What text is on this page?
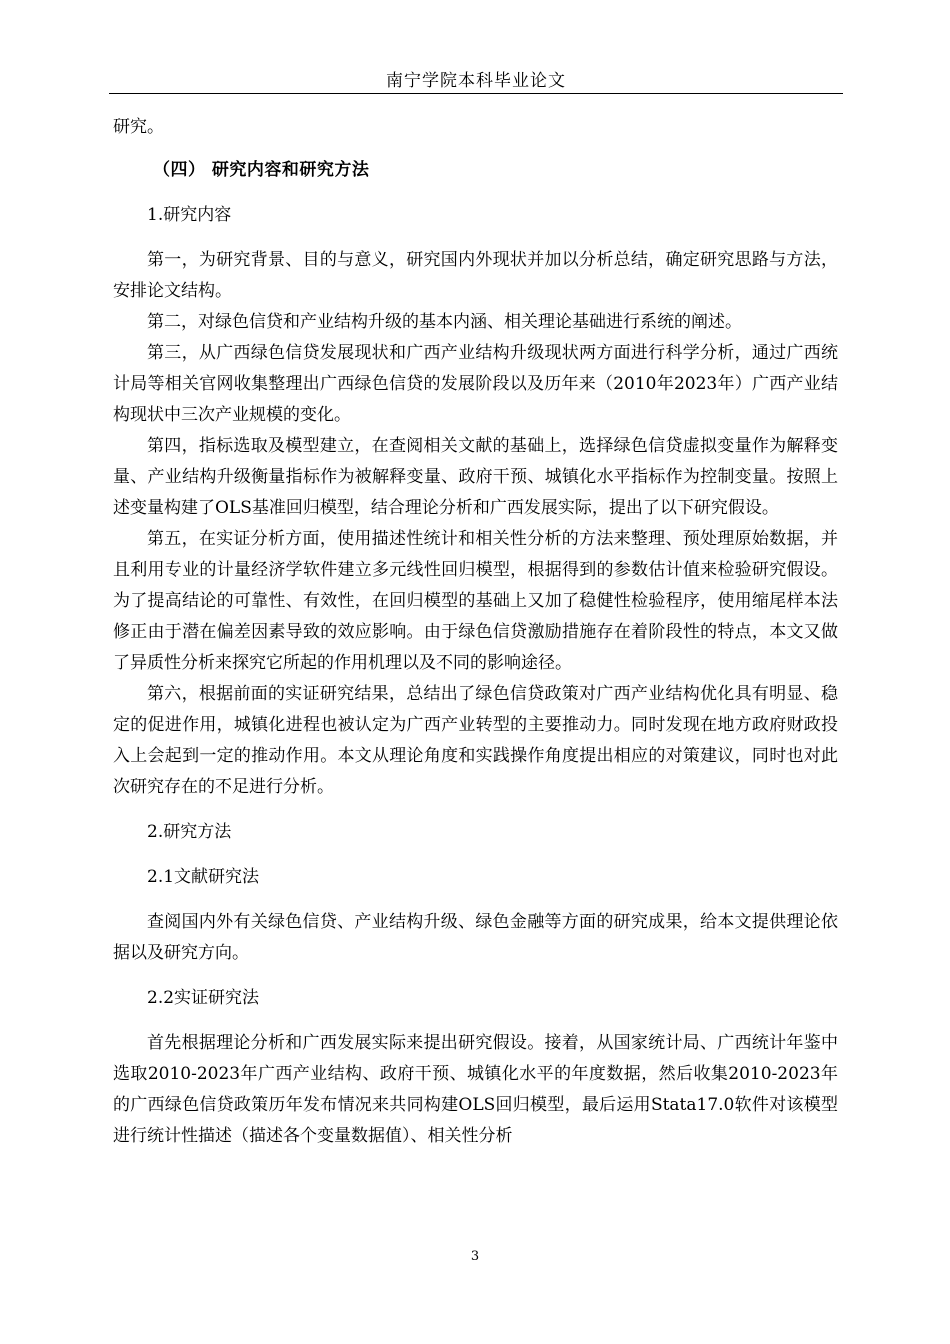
南宁学院本科毕业论文

研究。

（四） 研究内容和研究方法

1.研究内容

第一，为研究背景、目的与意义，研究国内外现状并加以分析总结，确定研究思路与方法，安排论文结构。

第二，对绿色信贷和产业结构升级的基本内涵、相关理论基础进行系统的阐述。

第三，从广西绿色信贷发展现状和广西产业结构升级现状两方面进行科学分析，通过广西统计局等相关官网收集整理出广西绿色信贷的发展阶段以及历年来（2010年2023年）广西产业结构现状中三次产业规模的变化。

第四，指标选取及模型建立，在查阅相关文献的基础上，选择绿色信贷虚拟变量作为解释变量、产业结构升级衡量指标作为被解释变量、政府干预、城镇化水平指标作为控制变量。按照上述变量构建了OLS基准回归模型，结合理论分析和广西发展实际，提出了以下研究假设。

第五，在实证分析方面，使用描述性统计和相关性分析的方法来整理、预处理原始数据，并且利用专业的计量经济学软件建立多元线性回归模型，根据得到的参数估计值来检验研究假设。为了提高结论的可靠性、有效性，在回归模型的基础上又加了稳健性检验程序，使用缩尾样本法修正由于潜在偏差因素导致的效应影响。由于绿色信贷激励措施存在着阶段性的特点，本文又做了异质性分析来探究它所起的作用机理以及不同的影响途径。

第六，根据前面的实证研究结果，总结出了绿色信贷政策对广西产业结构优化具有明显、稳定的促进作用，城镇化进程也被认定为广西产业转型的主要推动力。同时发现在地方政府财政投入上会起到一定的推动作用。本文从理论角度和实践操作角度提出相应的对策建议，同时也对此次研究存在的不足进行分析。

2.研究方法

2.1文献研究法

查阅国内外有关绿色信贷、产业结构升级、绿色金融等方面的研究成果，给本文提供理论依据以及研究方向。

2.2实证研究法

首先根据理论分析和广西发展实际来提出研究假设。接着，从国家统计局、广西统计年鉴中选取2010-2023年广西产业结构、政府干预、城镇化水平的年度数据，然后收集2010-2023年的广西绿色信贷政策历年发布情况来共同构建OLS回归模型，最后运用Stata17.0软件对该模型进行统计性描述（描述各个变量数据值）、相关性分析

3
